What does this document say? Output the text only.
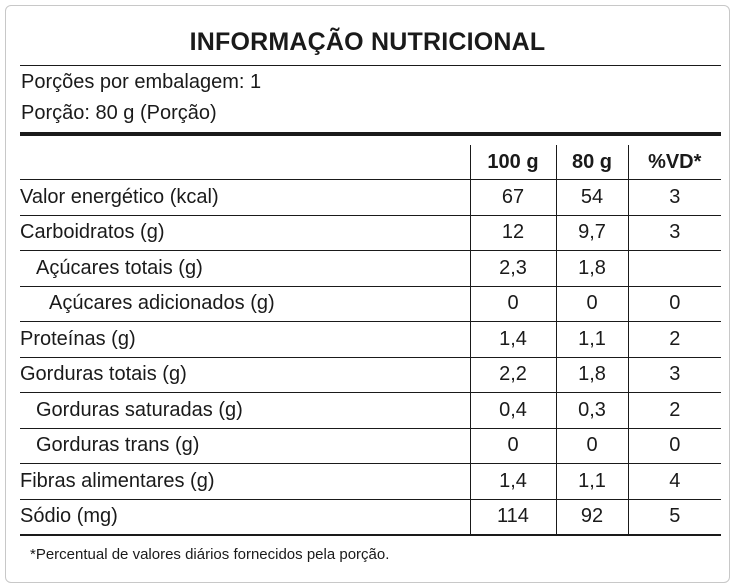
INFORMAÇÃO NUTRICIONAL
Porções por embalagem: 1
Porção: 80 g (Porção)
	100 g	80 g	%VD*
Valor energético (kcal)	67	54	3
Carboidratos (g)	12	9,7	3
Açúcares totais (g)	2,3	1,8	
Açúcares adicionados (g)	0	0	0
Proteínas (g)	1,4	1,1	2
Gorduras totais (g)	2,2	1,8	3
Gorduras saturadas (g)	0,4	0,3	2
Gorduras trans (g)	0	0	0
Fibras alimentares (g)	1,4	1,1	4
Sódio (mg)	114	92	5
*Percentual de valores diários fornecidos pela porção.
